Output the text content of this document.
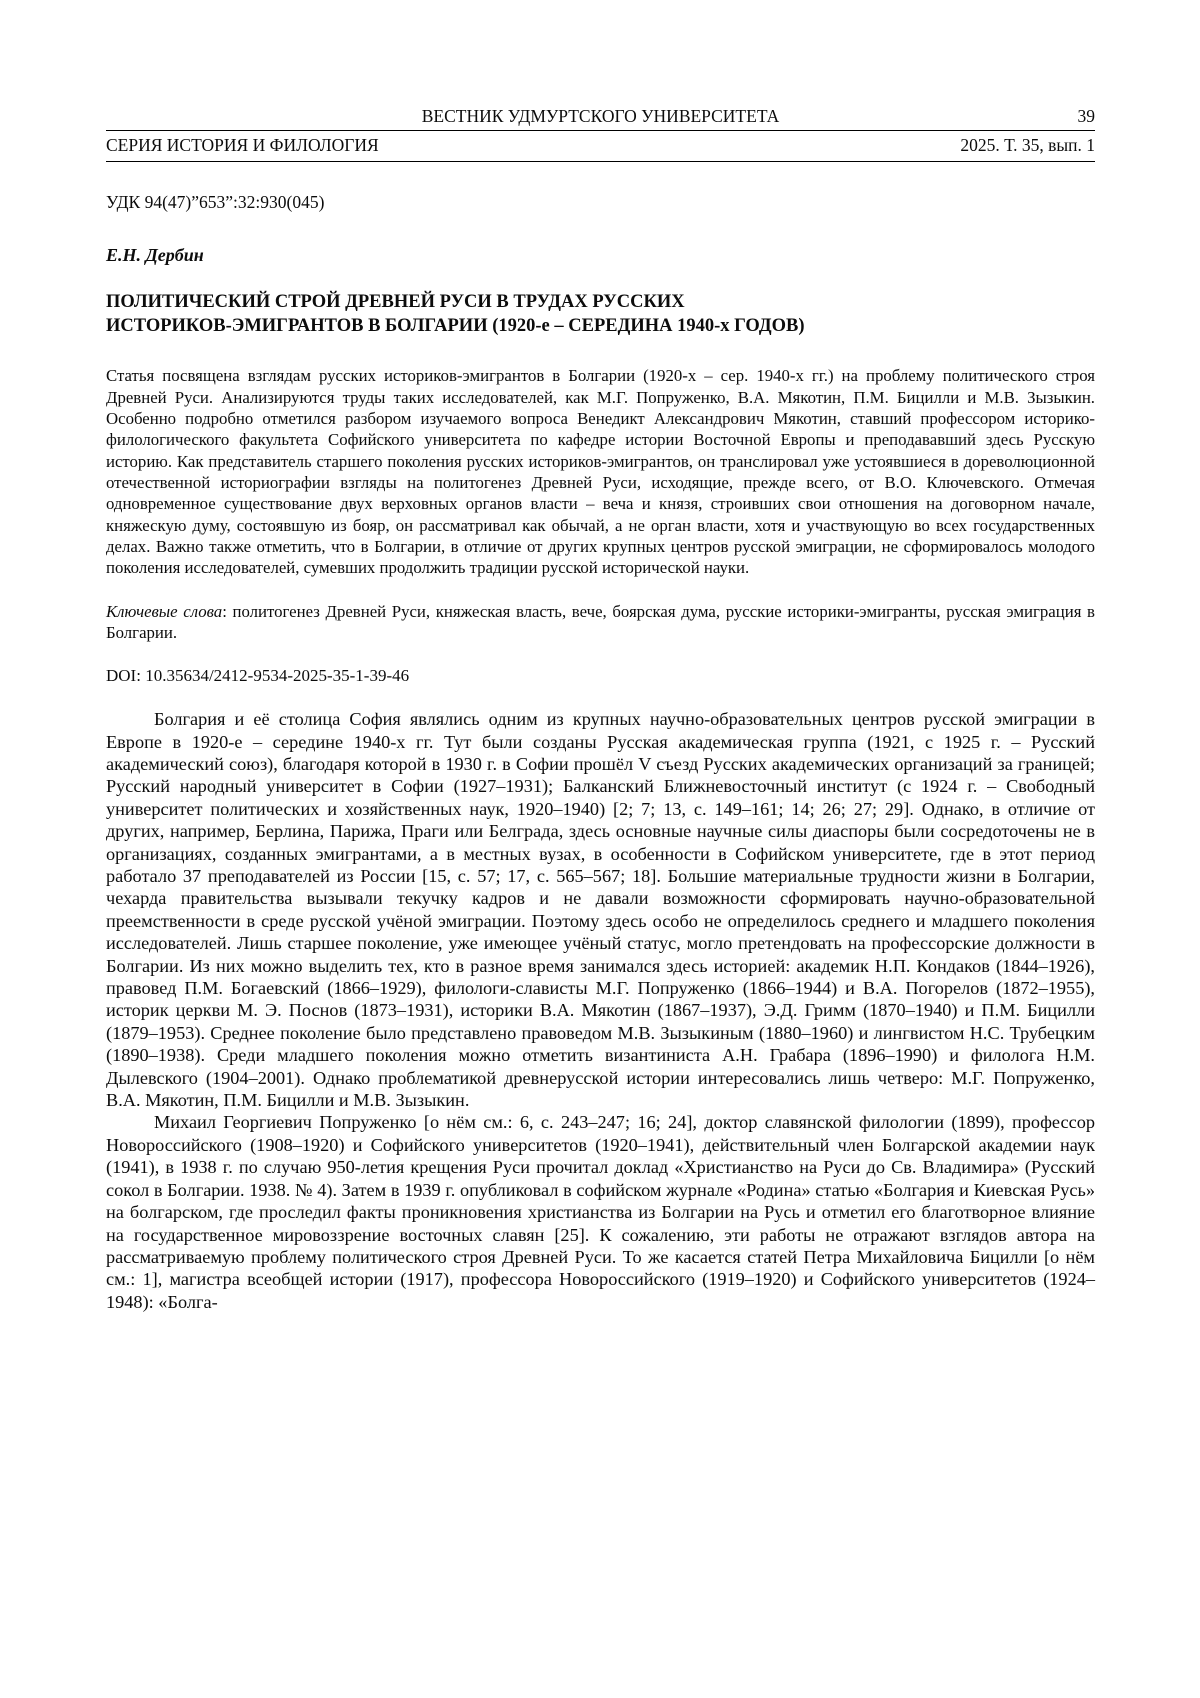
ВЕСТНИК УДМУРТСКОГО УНИВЕРСИТЕТА	39
СЕРИЯ ИСТОРИЯ И ФИЛОЛОГИЯ	2025. Т. 35, вып. 1
УДК 94(47)”653”:32:930(045)
Е.Н. Дербин
ПОЛИТИЧЕСКИЙ СТРОЙ ДРЕВНЕЙ РУСИ В ТРУДАХ РУССКИХ
ИСТОРИКОВ-ЭМИГРАНТОВ В БОЛГАРИИ (1920-е – СЕРЕДИНА 1940-х ГОДОВ)
Статья посвящена взглядам русских историков-эмигрантов в Болгарии (1920-х – сер. 1940-х гг.) на проблему политического строя Древней Руси. Анализируются труды таких исследователей, как М.Г. Попруженко, В.А. Мякотин, П.М. Бицилли и М.В. Зызыкин. Особенно подробно отметился разбором изучаемого вопроса Венедикт Александрович Мякотин, ставший профессором историко-филологического факультета Софийского университета по кафедре истории Восточной Европы и преподававший здесь Русскую историю. Как представитель старшего поколения русских историков-эмигрантов, он транслировал уже устоявшиеся в дореволюционной отечественной историографии взгляды на политогенез Древней Руси, исходящие, прежде всего, от В.О. Ключевского. Отмечая одновременное существование двух верховных органов власти – веча и князя, строивших свои отношения на договорном начале, княжескую думу, состоявшую из бояр, он рассматривал как обычай, а не орган власти, хотя и участвующую во всех государственных делах. Важно также отметить, что в Болгарии, в отличие от других крупных центров русской эмиграции, не сформировалось молодого поколения исследователей, сумевших продолжить традиции русской исторической науки.

Ключевые слова: политогенез Древней Руси, княжеская власть, вече, боярская дума, русские историки-эмигранты, русская эмиграция в Болгарии.

DOI: 10.35634/2412-9534-2025-35-1-39-46

Болгария и её столица София являлись одним из крупных научно-образовательных центров русской эмиграции в Европе в 1920-е – середине 1940-х гг. Тут были созданы Русская академическая группа (1921, с 1925 г. – Русский академический союз), благодаря которой в 1930 г. в Софии прошёл V съезд Русских академических организаций за границей; Русский народный университет в Софии (1927–1931); Балканский Ближневосточный институт (с 1924 г. – Свободный университет политических и хозяйственных наук, 1920–1940) [2; 7; 13, с. 149–161; 14; 26; 27; 29]. Однако, в отличие от других, например, Берлина, Парижа, Праги или Белграда, здесь основные научные силы диаспоры были сосредоточены не в организациях, созданных эмигрантами, а в местных вузах, в особенности в Софийском университете, где в этот период работало 37 преподавателей из России [15, с. 57; 17, с. 565–567; 18]. Большие материальные трудности жизни в Болгарии, чехарда правительства вызывали текучку кадров и не давали возможности сформировать научно-образовательной преемственности в среде русской учёной эмиграции. Поэтому здесь особо не определилось среднего и младшего поколения исследователей. Лишь старшее поколение, уже имеющее учёный статус, могло претендовать на профессорские должности в Болгарии. Из них можно выделить тех, кто в разное время занимался здесь историей: академик Н.П. Кондаков (1844–1926), правовед П.М. Богаевский (1866–1929), филологи-слависты М.Г. Попруженко (1866–1944) и В.А. Погорелов (1872–1955), историк церкви М. Э. Поснов (1873–1931), историки В.А. Мякотин (1867–1937), Э.Д. Гримм (1870–1940) и П.М. Бицилли (1879–1953). Среднее поколение было представлено правоведом М.В. Зызыкиным (1880–1960) и лингвистом Н.С. Трубецким (1890–1938). Среди младшего поколения можно отметить византиниста А.Н. Грабара (1896–1990) и филолога Н.М. Дылевского (1904–2001). Однако проблематикой древнерусской истории интересовались лишь четверо: М.Г. Попруженко, В.А. Мякотин, П.М. Бицилли и М.В. Зызыкин.

Михаил Георгиевич Попруженко [о нём см.: 6, с. 243–247; 16; 24], доктор славянской филологии (1899), профессор Новороссийского (1908–1920) и Софийского университетов (1920–1941), действительный член Болгарской академии наук (1941), в 1938 г. по случаю 950-летия крещения Руси прочитал доклад «Христианство на Руси до Св. Владимира» (Русский сокол в Болгарии. 1938. № 4). Затем в 1939 г. опубликовал в софийском журнале «Родина» статью «Болгария и Киевская Русь» на болгарском, где проследил факты проникновения христианства из Болгарии на Русь и отметил его благотворное влияние на государственное мировоззрение восточных славян [25]. К сожалению, эти работы не отражают взглядов автора на рассматриваемую проблему политического строя Древней Руси. То же касается статей Петра Михайловича Бицилли [о нём см.: 1], магистра всеобщей истории (1917), профессора Новороссийского (1919–1920) и Софийского университетов (1924–1948): «Болга-
